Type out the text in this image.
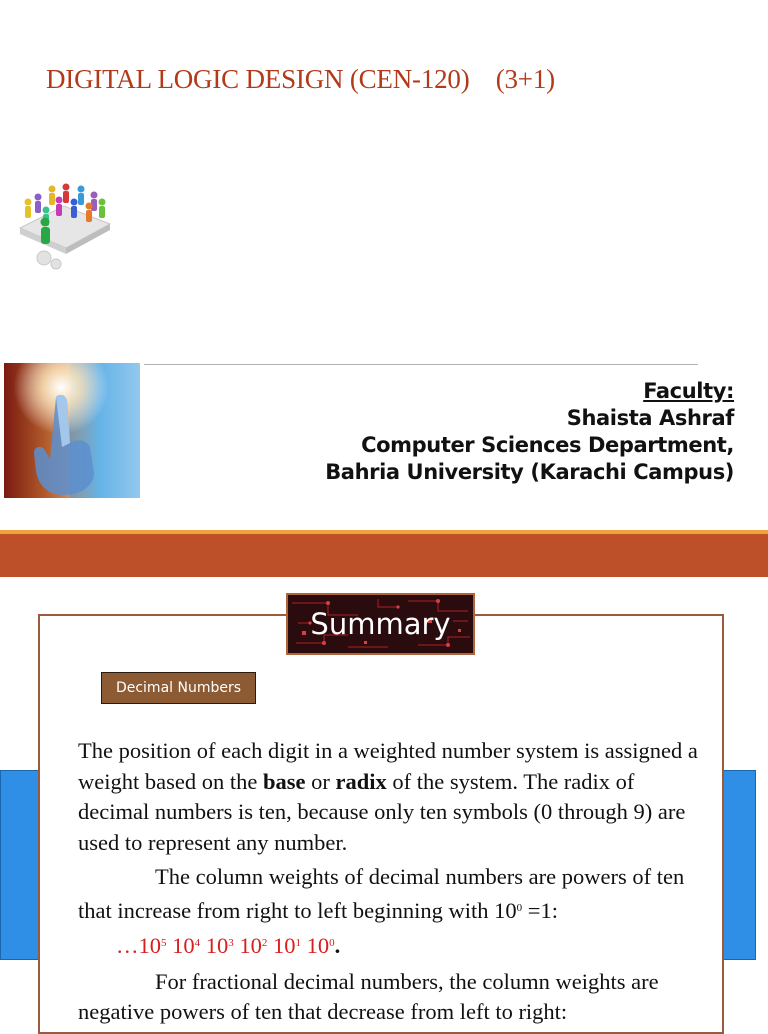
DIGITAL LOGIC DESIGN (CEN-120)    (3+1)
Faculty:
Shaista Ashraf
Computer Sciences Department,
Bahria University (Karachi Campus)
Summary
Decimal Numbers

The position of each digit in a weighted number system is assigned a weight based on the base or radix of the system. The radix of decimal numbers is ten, because only ten symbols (0 through 9) are used to represent any number.

The column weights of decimal numbers are powers of ten that increase from right to left beginning with $10^0 =1$:

$\dots 10^5$ $10^4$ $10^3$ $10^2$ $10^1$ $10^0$.

For fractional decimal numbers, the column weights are negative powers of ten that decrease from left to right:
